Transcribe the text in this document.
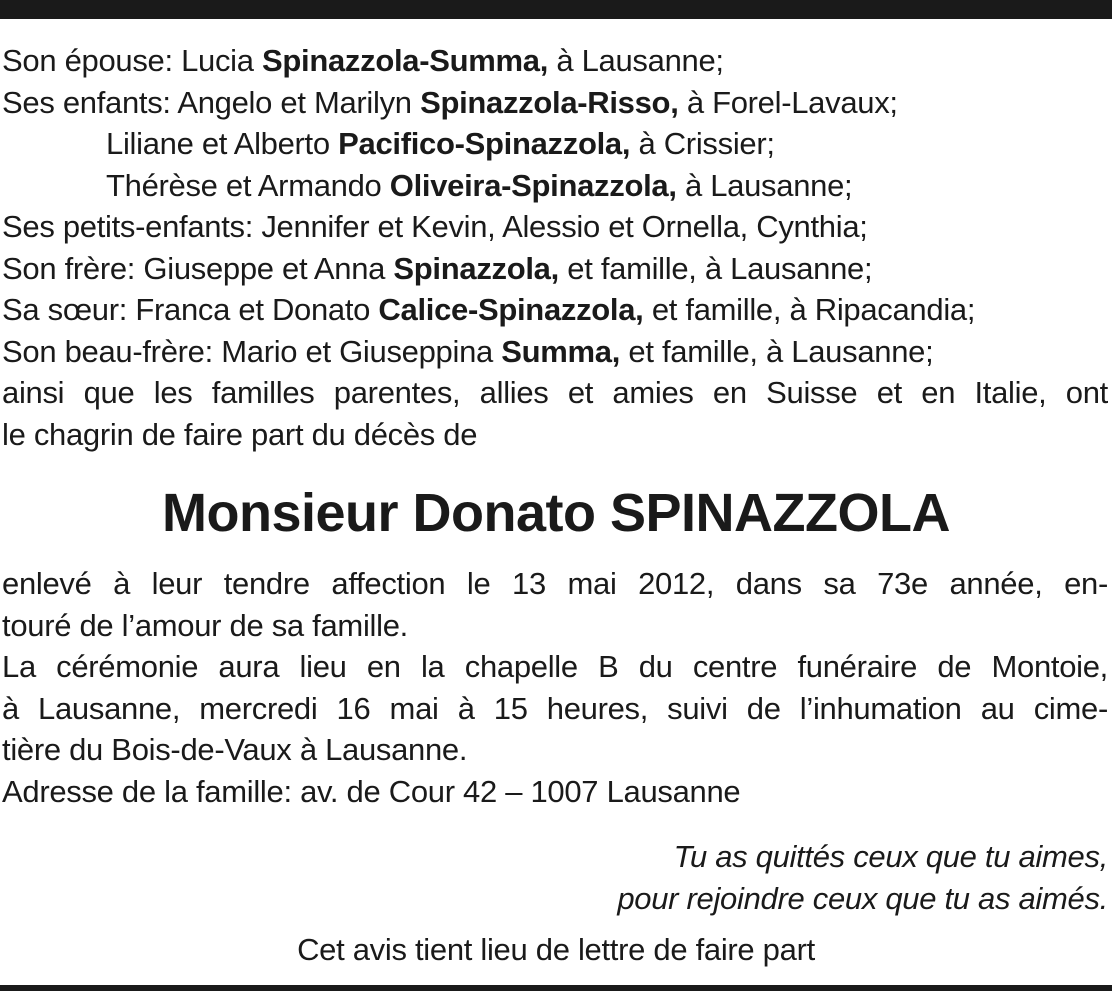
Son épouse: Lucia Spinazzola-Summa, à Lausanne;
Ses enfants: Angelo et Marilyn Spinazzola-Risso, à Forel-Lavaux;
Liliane et Alberto Pacifico-Spinazzola, à Crissier;
Thérèse et Armando Oliveira-Spinazzola, à Lausanne;
Ses petits-enfants: Jennifer et Kevin, Alessio et Ornella, Cynthia;
Son frère: Giuseppe et Anna Spinazzola, et famille, à Lausanne;
Sa sœur: Franca et Donato Calice-Spinazzola, et famille, à Ripacandia;
Son beau-frère: Mario et Giuseppina Summa, et famille, à Lausanne;
ainsi que les familles parentes, allies et amies en Suisse et en Italie, ont
le chagrin de faire part du décès de
Monsieur Donato SPINAZZOLA
enlevé à leur tendre affection le 13 mai 2012, dans sa 73e année, en-
touré de l’amour de sa famille.
La cérémonie aura lieu en la chapelle B du centre funéraire de Montoie,
à Lausanne, mercredi 16 mai à 15 heures, suivi de l’inhumation au cime-
tière du Bois-de-Vaux à Lausanne.
Adresse de la famille: av. de Cour 42 – 1007 Lausanne
Tu as quittés ceux que tu aimes,
pour rejoindre ceux que tu as aimés.
Cet avis tient lieu de lettre de faire part
